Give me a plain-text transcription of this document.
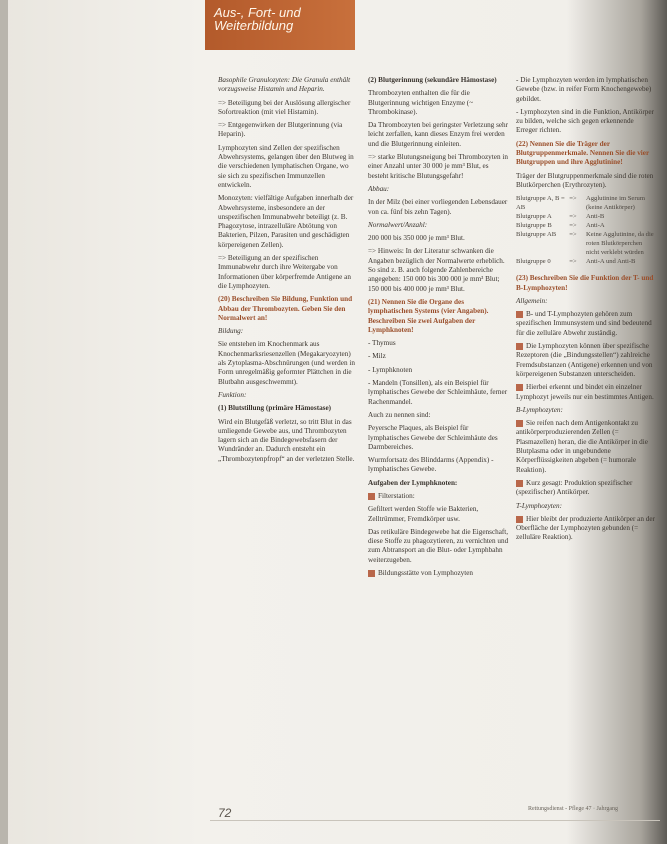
Aus-, Fort- und
Weiterbildung

Basophile Granulozyten: Die Granula enthält vorzugsweise Histamin und Heparin.

=> Beteiligung bei der Auslösung allergischer Sofortreaktion (mit viel Histamin).

=> Entgegenwirken der Blutgerinnung (via Heparin).

Lymphozyten sind Zellen der spezifischen Abwehrsystems, gelangen über den Blutweg in die verschiedenen lymphatischen Organe, wo sie sich zu spezifischen Immunzellen entwickeln.

Monozyten: vielfältige Aufgaben innerhalb der Abwehrsysteme, insbesondere an der unspezifischen Immunabwehr beteiligt (z. B. Phagozytose, intrazelluläre Abtötung von Bakterien, Pilzen, Parasiten und geschädigten körpereigenen Zellen).

=> Beteiligung an der spezifischen Immunabwehr durch ihre Weitergabe von Informationen über körperfremde Antigene an die Lymphozyten.

(20) Beschreiben Sie Bildung, Funktion und Abbau der Thrombozyten. Geben Sie den Normalwert an!

Bildung:

Sie entstehen im Knochenmark aus Knochenmarksriesenzellen (Megakaryozyten) als Zytoplasma-Abschnürungen (und werden in Form unregelmäßig geformter Plättchen in die Blutbahn ausgeschwemmt).

Funktion:

(1) Blutstillung (primäre Hämostase)

Wird ein Blutgefäß verletzt, so tritt Blut in das umliegende Gewebe aus, und Thrombozyten lagern sich an die Bindegewebsfasern der Wundränder an. Dadurch entsteht ein „Thrombozytenpfropf“ an der verletzten Stelle.

(2) Blutgerinnung (sekundäre Hämostase)

Thrombozyten enthalten die für die Blutgerinnung wichtigen Enzyme (~ Thrombokinase).

Da Thrombozyten bei geringster Verletzung sehr leicht zerfallen, kann dieses Enzym frei werden und die Blutgerinnung einleiten.

=> starke Blutungsneigung bei Thrombozyten in einer Anzahl unter 30 000 je mm³ Blut, es besteht kritische Blutungsgefahr!

Abbau:

In der Milz (bei einer vorliegenden Lebensdauer von ca. fünf bis zehn Tagen).

Normalwert/Anzahl:

200 000 bis 350 000 je mm³ Blut.

=> Hinweis: In der Literatur schwanken die Angaben bezüglich der Normalwerte erheblich. So sind z. B. auch folgende Zahlenbereiche angegeben: 150 000 bis 300 000 je mm³ Blut; 150 000 bis 400 000 je mm³ Blut.

(21) Nennen Sie die Organe des lymphatischen Systems (vier Angaben). Beschreiben Sie zwei Aufgaben der Lymphknoten!

- Thymus

- Milz

- Lymphknoten

- Mandeln (Tonsillen), als ein Beispiel für lymphatisches Gewebe der Schleimhäute, ferner Rachenmandel.

Auch zu nennen sind:

Peyersche Plaques, als Beispiel für lymphatisches Gewebe der Schleimhäute des Darmbereiches.

Wurmfortsatz des Blinddarms (Appendix) - lymphatisches Gewebe.

Aufgaben der Lymphknoten:

Filterstation:

Gefiltert werden Stoffe wie Bakterien, Zelltrümmer, Fremdkörper usw.

Das retikuläre Bindegewebe hat die Eigenschaft, diese Stoffe zu phagozytieren, zu vernichten und zum Abtransport an die Blut- oder Lymphbahn weiterzugeben.

Bildungsstätte von Lymphozyten

- Die Lymphozyten werden im lymphatischen Gewebe (bzw. in reifer Form Knochengewebe) gebildet.

- Lymphozyten sind in die Funktion, Antikörper zu bilden, welche sich gegen erkennende Erreger richten.

(22) Nennen Sie die Träger der Blutgruppenmerkmale. Nennen Sie die vier Blutgruppen und ihre Agglutinine!

Träger der Blutgruppenmerkmale sind die roten Blutkörperchen (Erythrozyten).

Blutgruppe A, B = AB	=>	Agglutinine im Serum (keine Antikörper)
Blutgruppe A	=>	Anti-B
Blutgruppe B	=>	Anti-A
Blutgruppe AB	=>	Keine Agglutinine, da die roten Blutkörperchen nicht verklebt würden
Blutgruppe 0	=>	Anti-A und Anti-B

(23) Beschreiben Sie die Funktion der T- und B-Lymphozyten!

Allgemein:

B- und T-Lymphozyten gehören zum spezifischen Immunsystem und sind bedeutend für die zelluläre Abwehr zuständig.

Die Lymphozyten können über spezifische Rezeptoren (die „Bindungsstellen“) zahlreiche Fremdsubstanzen (Antigene) erkennen und von körpereigenen Substanzen unterscheiden.

Hierbei erkennt und bindet ein einzelner Lymphozyt jeweils nur ein bestimmtes Antigen.

B-Lymphozyten:

Sie reifen nach dem Antigenkontakt zu antikörperproduzierenden Zellen (= Plasmazellen) heran, die die Antikörper in die Blutplasma oder in ungebundene Körperflüssigkeiten abgeben (= humorale Reaktion).

Kurz gesagt: Produktion spezifischer (spezifischer) Antikörper.

T-Lymphozyten:

Hier bleibt der produzierte Antikörper an der Oberfläche der Lymphozyten gebunden (= zelluläre Reaktion).

72	Rettungsdienst - Pflege 47 · Jahrgang
